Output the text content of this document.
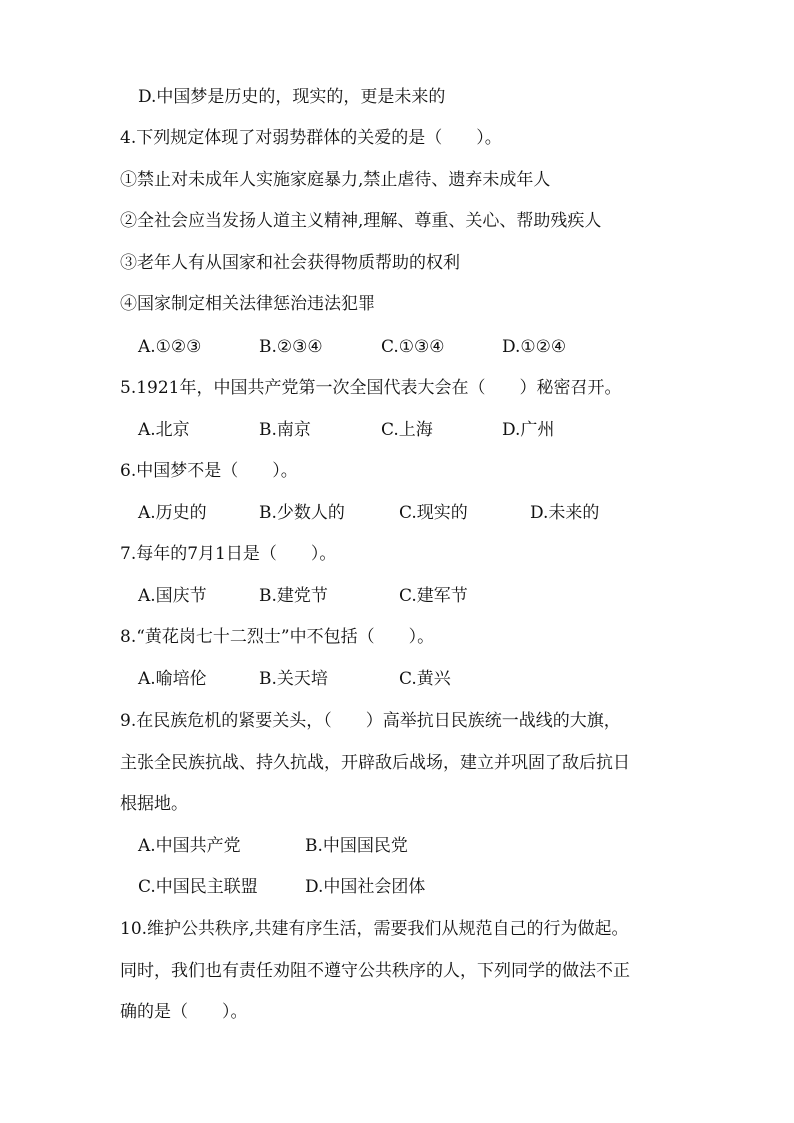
D.中国梦是历史的，现实的，更是未来的
4.下列规定体现了对弱势群体的关爱的是（　　）。
①禁止对未成年人实施家庭暴力,禁止虐待、遗弃未成年人
②全社会应当发扬人道主义精神,理解、尊重、关心、帮助残疾人
③老年人有从国家和社会获得物质帮助的权利
④国家制定相关法律惩治违法犯罪
A.①②③	B.②③④	C.①③④	D.①②④
5.1921年，中国共产党第一次全国代表大会在（　　）秘密召开。
A.北京	B.南京	C.上海	D.广州
6.中国梦不是（　　）。
A.历史的	B.少数人的	C.现实的	D.未来的
7.每年的7月1日是（　　）。
A.国庆节	B.建党节	C.建军节
8.“黄花岗七十二烈士”中不包括（　　）。
A.喻培伦	B.关天培	C.黄兴
9.在民族危机的紧要关头，（　　）高举抗日民族统一战线的大旗，
主张全民族抗战、持久抗战，开辟敌后战场，建立并巩固了敌后抗日
根据地。
A.中国共产党	B.中国国民党
C.中国民主联盟	D.中国社会团体
10.维护公共秩序,共建有序生活，需要我们从规范自己的行为做起。
同时，我们也有责任劝阻不遵守公共秩序的人，下列同学的做法不正
确的是（　　）。
